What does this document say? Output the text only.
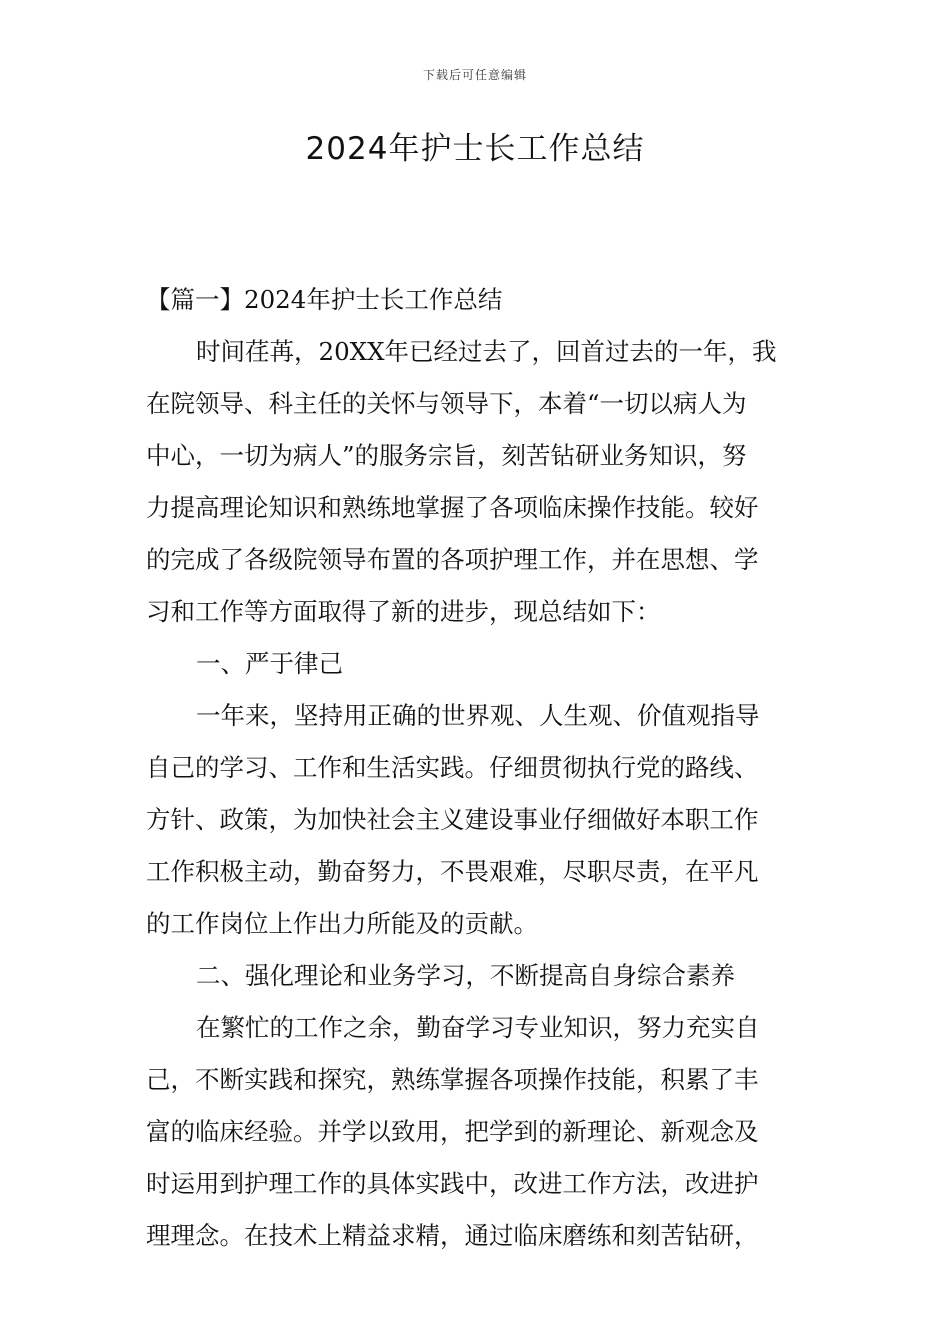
下载后可任意编辑
2024年护士长工作总结
【篇一】2024年护士长工作总结
时间荏苒，20XX年已经过去了，回首过去的一年，我
在院领导、科主任的关怀与领导下，本着“一切以病人为
中心，一切为病人”的服务宗旨，刻苦钻研业务知识，努
力提高理论知识和熟练地掌握了各项临床操作技能。较好
的完成了各级院领导布置的各项护理工作，并在思想、学
习和工作等方面取得了新的进步，现总结如下：
一、严于律己
一年来，坚持用正确的世界观、人生观、价值观指导
自己的学习、工作和生活实践。仔细贯彻执行党的路线、
方针、政策，为加快社会主义建设事业仔细做好本职工作
工作积极主动，勤奋努力，不畏艰难，尽职尽责，在平凡
的工作岗位上作出力所能及的贡献。
二、强化理论和业务学习，不断提高自身综合素养
在繁忙的工作之余，勤奋学习专业知识，努力充实自
己，不断实践和探究，熟练掌握各项操作技能，积累了丰
富的临床经验。并学以致用，把学到的新理论、新观念及
时运用到护理工作的具体实践中，改进工作方法，改进护
理理念。在技术上精益求精，通过临床磨练和刻苦钻研，
